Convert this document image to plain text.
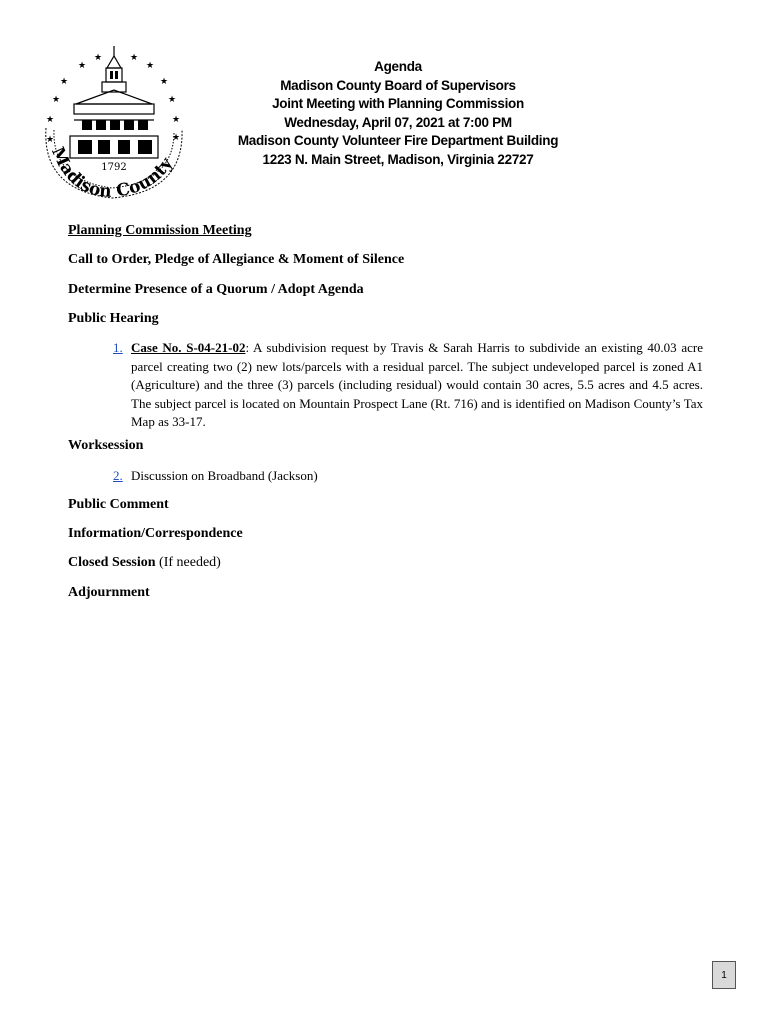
★
★
★
★
★
★	★
★
★
★
★
★
1792
Madison County
Agenda
Madison County Board of Supervisors
Joint Meeting with Planning Commission
Wednesday, April 07, 2021 at 7:00 PM
Madison County Volunteer Fire Department Building
1223 N. Main Street, Madison, Virginia 22727
Planning Commission Meeting
Call to Order, Pledge of Allegiance & Moment of Silence
Determine Presence of a Quorum / Adopt Agenda
Public Hearing
1. Case No. S-04-21-02: A subdivision request by Travis & Sarah Harris to subdivide an existing 40.03 acre parcel creating two (2) new lots/parcels with a residual parcel. The subject undeveloped parcel is zoned A1 (Agriculture) and the three (3) parcels (including residual) would contain 30 acres, 5.5 acres and 4.5 acres. The subject parcel is located on Mountain Prospect Lane (Rt. 716) and is identified on Madison County’s Tax Map as 33-17.
Worksession
2. Discussion on Broadband (Jackson)
Public Comment
Information/Correspondence
Closed Session (If needed)
Adjournment
1
